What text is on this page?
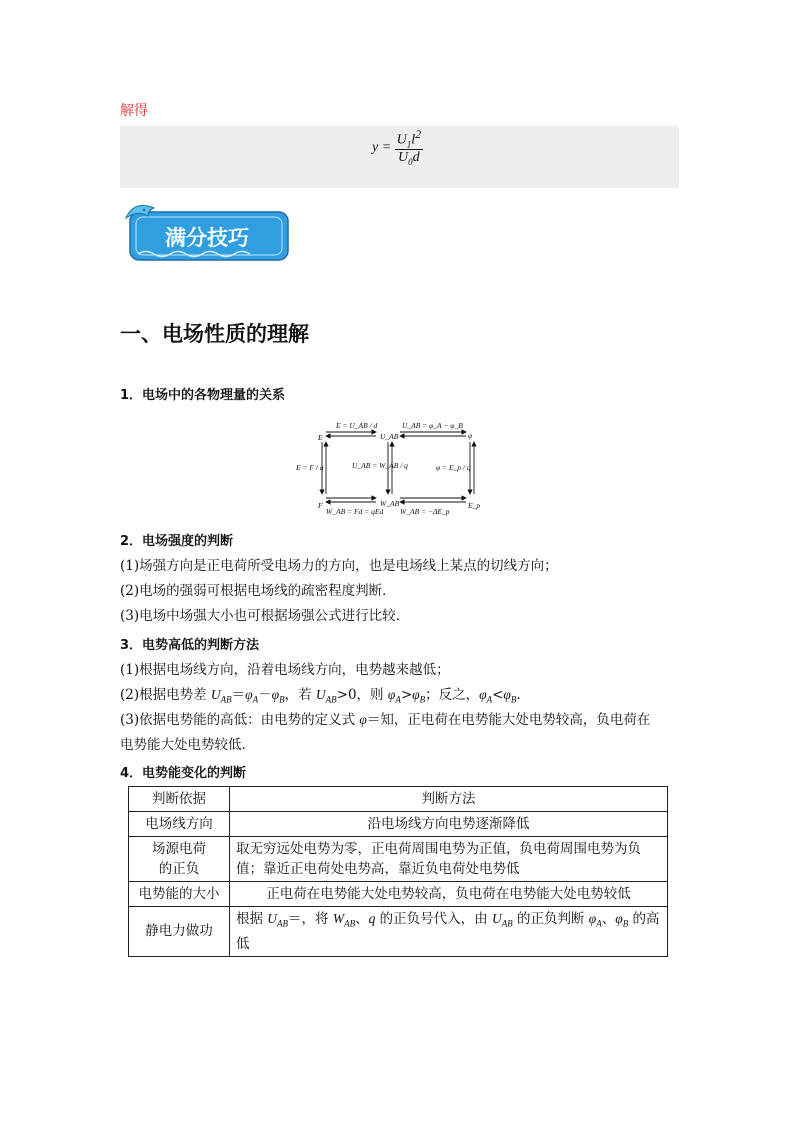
解得
$y = \frac{U_1l^2}{U_0d}$
满分技巧
一、电场性质的理解
1．电场中的各物理量的关系
E	φ
F	E_p
U_AB
W_AB
E = U_AB / d	U_AB = φ_A − φ_B
E = F / q	U_AB = W_AB / q	φ = E_p / q
W_AB = Fd = qEd W_AB = −ΔE_p
2．电场强度的判断
(1)场强方向是正电荷所受电场力的方向，也是电场线上某点的切线方向；
(2)电场的强弱可根据电场线的疏密程度判断．
(3)电场中场强大小也可根据场强公式进行比较．
3．电势高低的判断方法
(1)根据电场线方向，沿着电场线方向，电势越来越低；
(2)根据电势差 $U_{AB}=\varphi_A-\varphi_B$，若 $U_{AB}>0$，则 $\varphi_A>\varphi_B$；反之，$\varphi_A<\varphi_B$.
(3)依据电势能的高低：由电势的定义式 φ＝知，正电荷在电势能大处电势较高，负电荷在
电势能大处电势较低．
4．电势能变化的判断
判断依据	判断方法
电场线方向	沿电场线方向电势逐渐降低
场源电荷
的正负	取无穷远处电势为零，正电荷周围电势为正值，负电荷周围电势为负值；靠近正电荷处电势高，靠近负电荷处电势低
电势能的大小	正电荷在电势能大处电势较高，负电荷在电势能大处电势较低
静电力做功	根据 $U_{AB}=$，将 $W_{AB}$、q 的正负号代入，由 $U_{AB}$ 的正负判断 $\varphi_A$、$\varphi_B$ 的高低
